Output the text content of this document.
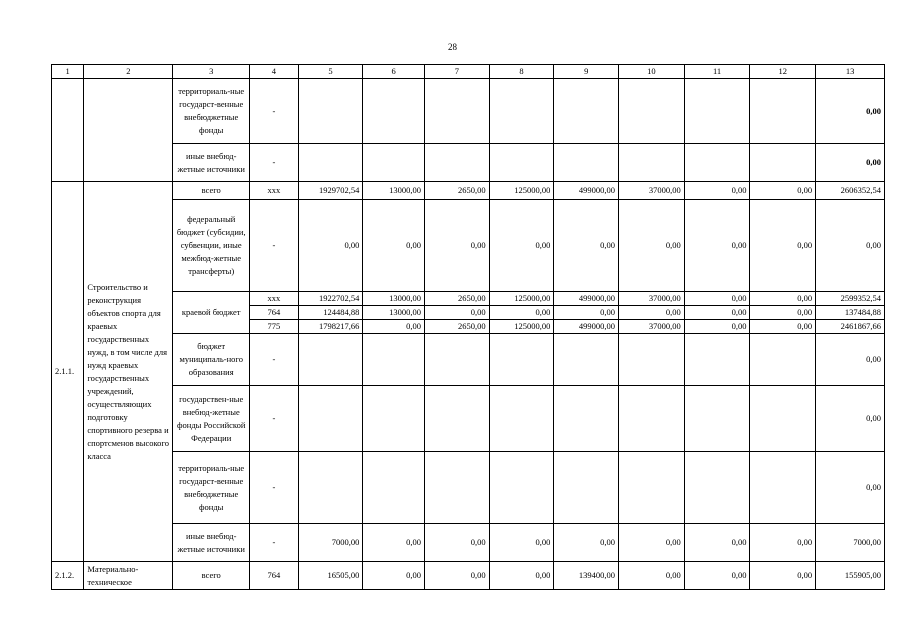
28
1	2	3	4	5	6	7	8	9	10	11	12	13
		территориаль-ные государст-венные внебюджетные фонды	-									0,00
		иные внебюд-жетные источники	-									0,00
2.1.1.	Строительство и реконструкция объектов спорта для краевых государственных нужд, в том числе для нужд краевых государственных учреждений, осуществляющих подготовку спортивного резерва и спортсменов высокого класса	всего	xxx	1929702,54	13000,00	2650,00	125000,00	499000,00	37000,00	0,00	0,00	2606352,54
		федеральный бюджет (субсидии, субвенции, иные межбюд-жетные трансферты)	-	0,00	0,00	0,00	0,00	0,00	0,00	0,00	0,00	0,00
		краевой бюджет	xxx	1922702,54	13000,00	2650,00	125000,00	499000,00	37000,00	0,00	0,00	2599352,54
			764	124484,88	13000,00	0,00	0,00	0,00	0,00	0,00	0,00	137484,88
			775	1798217,66	0,00	2650,00	125000,00	499000,00	37000,00	0,00	0,00	2461867,66
		бюджет муниципаль-ного образования	-									0,00
		государствен-ные внебюд-жетные фонды Российской Федерации	-									0,00
		территориаль-ные государст-венные внебюджетные фонды	-									0,00
		иные внебюд-жетные источники	-	7000,00	0,00	0,00	0,00	0,00	0,00	0,00	0,00	7000,00
2.1.2.	Материально-техническое	всего	764	16505,00	0,00	0,00	0,00	139400,00	0,00	0,00	0,00	155905,00
